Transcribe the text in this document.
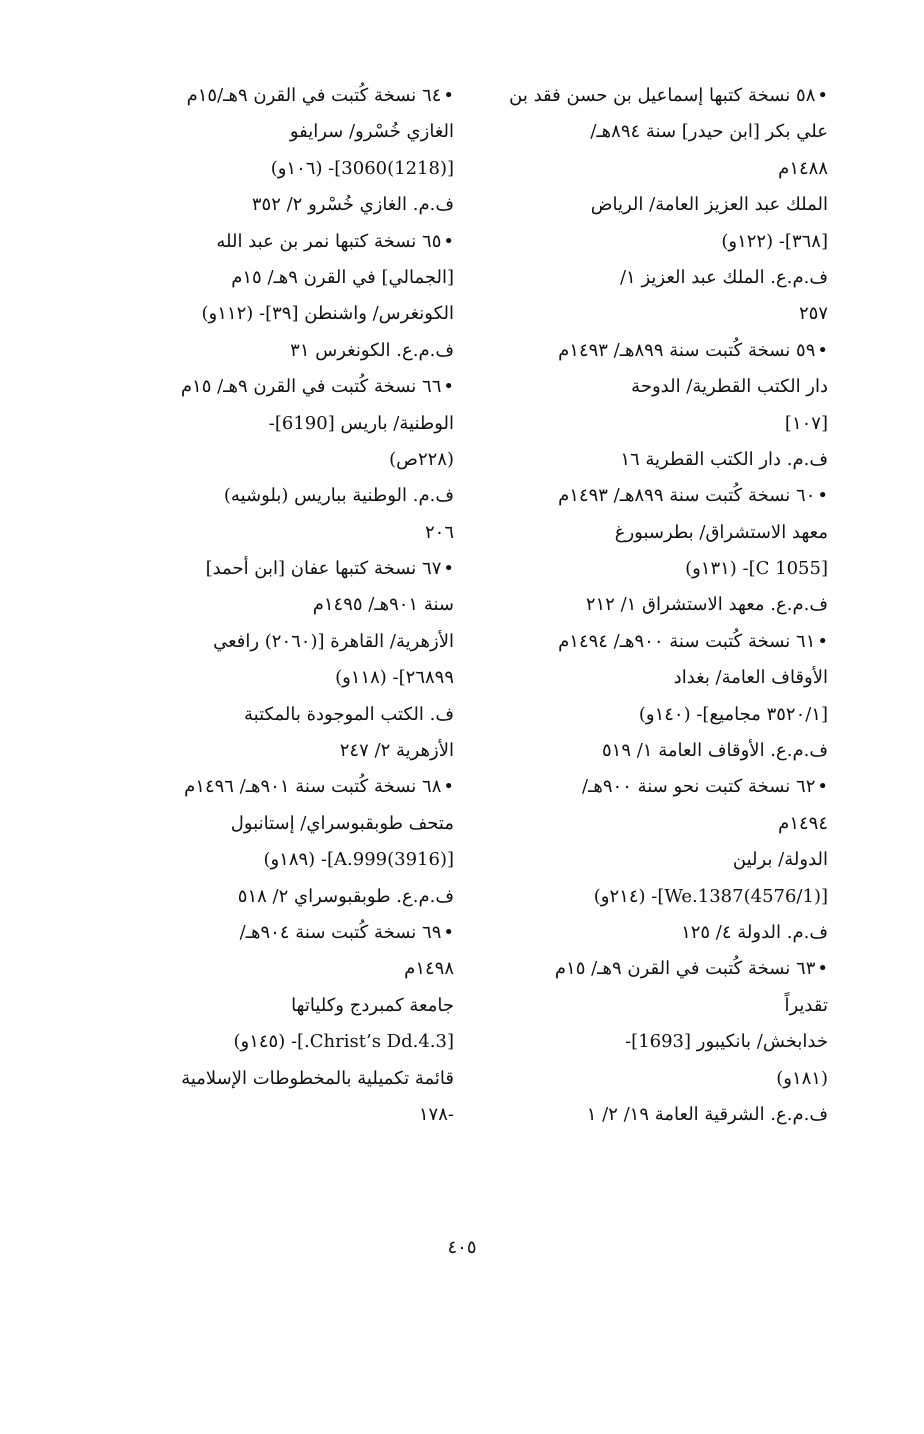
• ٥٨ نسخة كتبها إسماعيل بن حسن فقد بن
علي بكر [ابن حيدر] سنة ٨٩٤هـ/
١٤٨٨م
الملك عبد العزيز العامة/ الرياض
[٣٦٨]- (١٢٢و)
ف.م.ع. الملك عبد العزيز ١/
٢٥٧
• ٥٩ نسخة كُتبت سنة ٨٩٩هـ/ ١٤٩٣م
دار الكتب القطرية/ الدوحة
[١٠٧]
ف.م. دار الكتب القطرية ١٦
• ٦٠ نسخة كُتبت سنة ٨٩٩هـ/ ١٤٩٣م
معهد الاستشراق/ بطرسبورغ
[C 1055]- (١٣١و)
ف.م.ع. معهد الاستشراق ١/ ٢١٢
• ٦١ نسخة كُتبت سنة ٩٠٠هـ/ ١٤٩٤م
الأوقاف العامة/ بغداد
[٣٥٢٠/١ مجاميع]- (١٤٠و)
ف.م.ع. الأوقاف العامة ١/ ٥١٩
• ٦٢ نسخة كتبت نحو سنة ٩٠٠هـ/
١٤٩٤م
الدولة/ برلين
[(4576/1)We.1387]- (٢١٤و)
ف.م. الدولة ٤/ ١٢٥
• ٦٣ نسخة كُتبت في القرن ٩هـ/ ١٥م
تقديراً
خدابخش/ بانكيبور [1693]-
(١٨١و)
ف.م.ع. الشرقية العامة ١٩/ ٢/ ١
• ٦٤ نسخة كُتبت في القرن ٩هـ/١٥م
الغازي خُسْرو/ سرايفو
[(1218)3060]- (١٠٦و)
ف.م. الغازي خُسْرو ٢/ ٣٥٢
• ٦٥ نسخة كتبها نمر بن عبد الله
[الجمالي] في القرن ٩هـ/ ١٥م
الكونغرس/ واشنطن [٣٩]- (١١٢و)
ف.م.ع. الكونغرس ٣١
• ٦٦ نسخة كُتبت في القرن ٩هـ/ ١٥م
الوطنية/ باريس [6190]-
(٢٢٨ص)
ف.م. الوطنية بباريس (بلوشيه)
٢٠٦
• ٦٧ نسخة كتبها عفان [ابن أحمد]
سنة ٩٠١هـ/ ١٤٩٥م
الأزهرية/ القاهرة [(٢٠٦٠) رافعي
٢٦٨٩٩]- (١١٨و)
ف. الكتب الموجودة بالمكتبة
الأزهرية ٢/ ٢٤٧
• ٦٨ نسخة كُتبت سنة ٩٠١هـ/ ١٤٩٦م
متحف طوبقبوسراي/ إستانبول
[(3916)A.999]- (١٨٩و)
ف.م.ع. طوبقبوسراي ٢/ ٥١٨
• ٦٩ نسخة كُتبت سنة ٩٠٤هـ/
١٤٩٨م
جامعة كمبردج وكلياتها
[Christ’s Dd.4.3.]- (١٤٥و)
قائمة تكميلية بالمخطوطات الإسلامية
-١٧٨
٤٠٥
